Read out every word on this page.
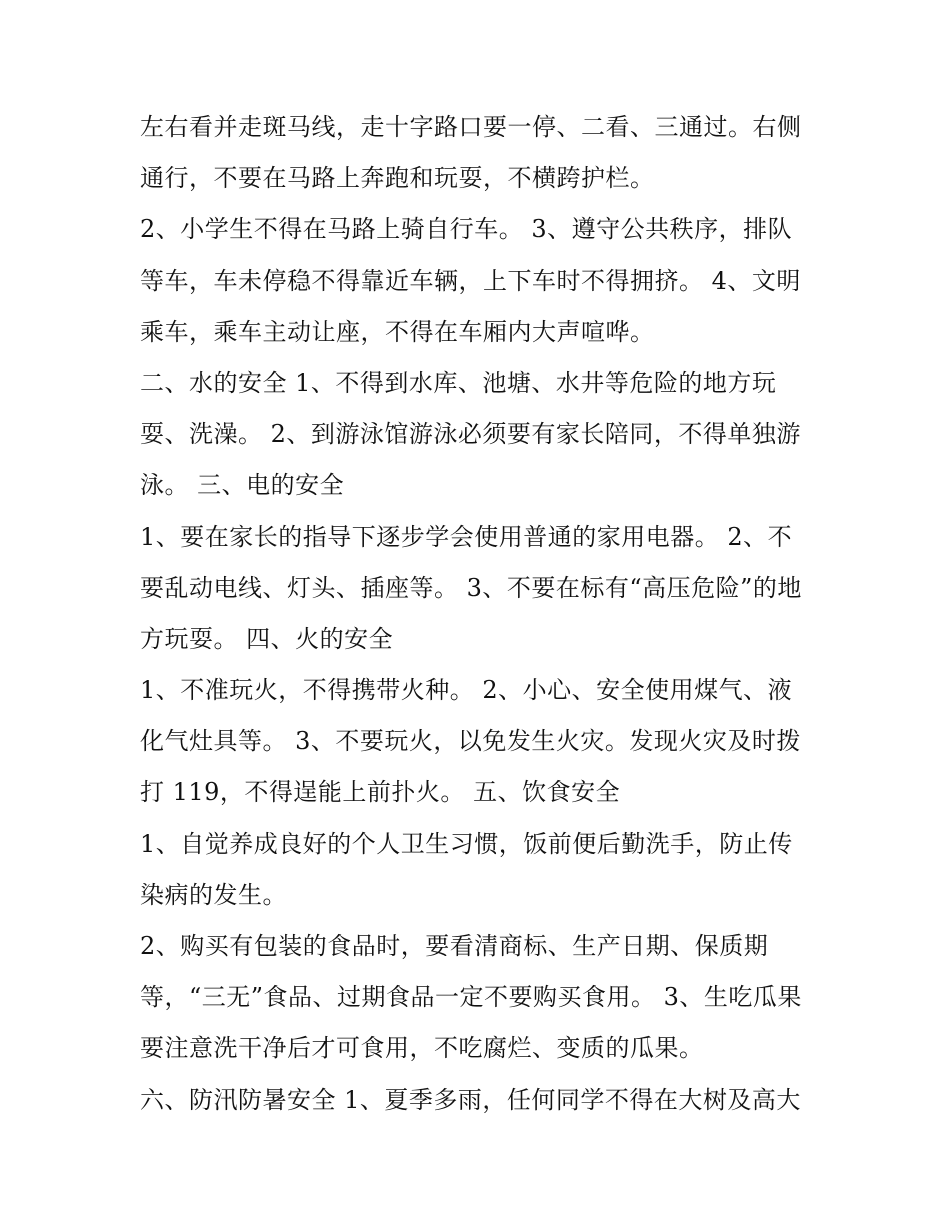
左右看并走斑马线，走十字路口要一停、二看、三通过。右侧
通行，不要在马路上奔跑和玩耍，不横跨护栏。
2、小学生不得在马路上骑自行车。 3、遵守公共秩序，排队
等车，车未停稳不得靠近车辆，上下车时不得拥挤。 4、文明
乘车，乘车主动让座，不得在车厢内大声喧哗。
二、水的安全 1、不得到水库、池塘、水井等危险的地方玩
耍、洗澡。 2、到游泳馆游泳必须要有家长陪同，不得单独游
泳。 三、电的安全
1、要在家长的指导下逐步学会使用普通的家用电器。 2、不
要乱动电线、灯头、插座等。 3、不要在标有“高压危险”的地
方玩耍。 四、火的安全
1、不准玩火，不得携带火种。 2、小心、安全使用煤气、液
化气灶具等。 3、不要玩火，以免发生火灾。发现火灾及时拨
打 119，不得逞能上前扑火。 五、饮食安全
1、自觉养成良好的个人卫生习惯，饭前便后勤洗手，防止传
染病的发生。
2、购买有包装的食品时，要看清商标、生产日期、保质期
等，“三无”食品、过期食品一定不要购买食用。 3、生吃瓜果
要注意洗干净后才可食用，不吃腐烂、变质的瓜果。
六、防汛防暑安全 1、夏季多雨，任何同学不得在大树及高大
